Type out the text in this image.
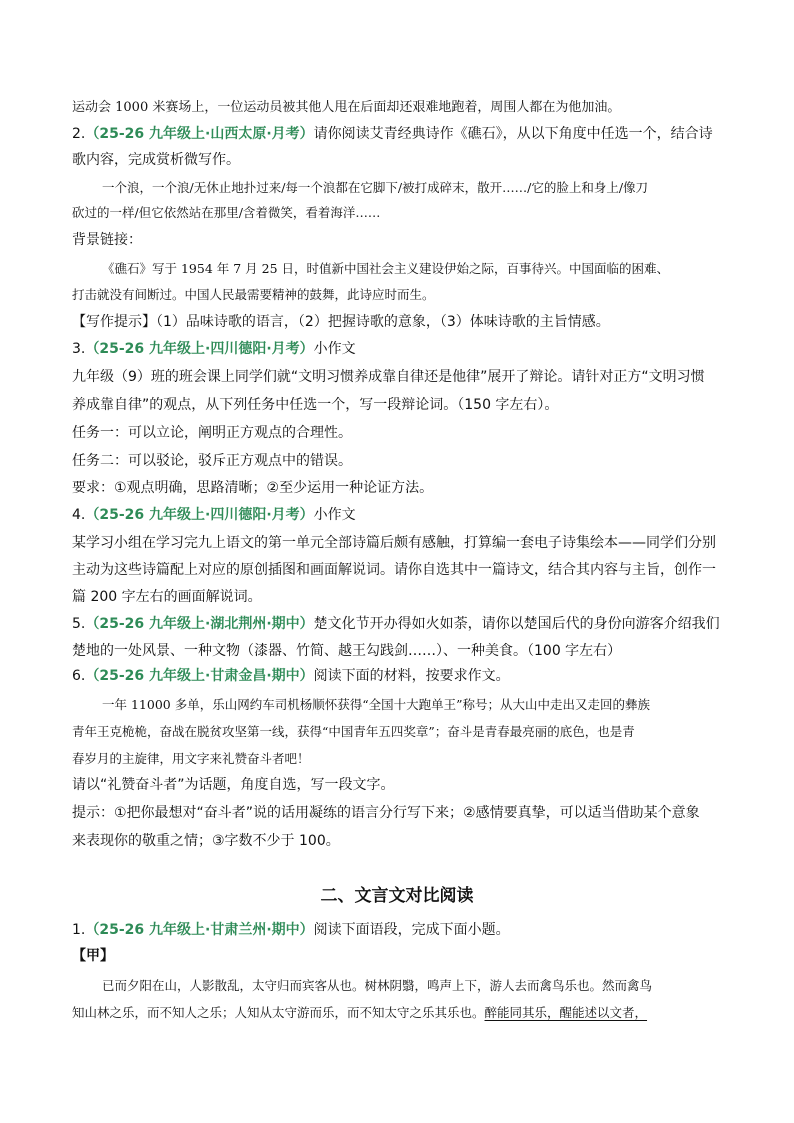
运动会 1000 米赛场上，一位运动员被其他人甩在后面却还艰难地跑着，周围人都在为他加油。
2.（25-26 九年级上·山西太原·月考）请你阅读艾青经典诗作《礁石》，从以下角度中任选一个，结合诗
歌内容，完成赏析微写作。
一个浪，一个浪/无休止地扑过来/每一个浪都在它脚下/被打成碎末，散开……/它的脸上和身上/像刀
砍过的一样/但它依然站在那里/含着微笑，看着海洋……
背景链接：
《礁石》写于 1954 年 7 月 25 日，时值新中国社会主义建设伊始之际，百事待兴。中国面临的困难、
打击就没有间断过。中国人民最需要精神的鼓舞，此诗应时而生。
【写作提示】（1）品味诗歌的语言，（2）把握诗歌的意象，（3）体味诗歌的主旨情感。
3.（25-26 九年级上·四川德阳·月考）小作文
九年级（9）班的班会课上同学们就“文明习惯养成靠自律还是他律”展开了辩论。请针对正方“文明习惯
养成靠自律”的观点，从下列任务中任选一个，写一段辩论词。（150 字左右）。
任务一：可以立论，阐明正方观点的合理性。
任务二：可以驳论，驳斥正方观点中的错误。
要求：①观点明确，思路清晰；②至少运用一种论证方法。
4.（25-26 九年级上·四川德阳·月考）小作文
某学习小组在学习完九上语文的第一单元全部诗篇后颇有感触，打算编一套电子诗集绘本——同学们分别
主动为这些诗篇配上对应的原创插图和画面解说词。请你自选其中一篇诗文，结合其内容与主旨，创作一
篇 200 字左右的画面解说词。
5.（25-26 九年级上·湖北荆州·期中）楚文化节开办得如火如荼，请你以楚国后代的身份向游客介绍我们
楚地的一处风景、一种文物（漆器、竹简、越王勾践剑……）、一种美食。（100 字左右）
6.（25-26 九年级上·甘肃金昌·期中）阅读下面的材料，按要求作文。
一年 11000 多单，乐山网约车司机杨顺怀获得“全国十大跑单王”称号；从大山中走出又走回的彝族
青年王克桅桅，奋战在脱贫攻坚第一线，获得“中国青年五四奖章”；奋斗是青春最亮丽的底色，也是青
春岁月的主旋律，用文字来礼赞奋斗者吧！
请以“礼赞奋斗者”为话题，角度自选，写一段文字。
提示：①把你最想对“奋斗者”说的话用凝练的语言分行写下来；②感情要真挚，可以适当借助某个意象
来表现你的敬重之情；③字数不少于 100。
二、文言文对比阅读
1.（25-26 九年级上·甘肃兰州·期中）阅读下面语段，完成下面小题。
【甲】
已而夕阳在山，人影散乱，太守归而宾客从也。树林阴翳，鸣声上下，游人去而禽鸟乐也。然而禽鸟
知山林之乐，而不知人之乐；人知从太守游而乐，而不知太守之乐其乐也。醉能同其乐，醒能述以文者，
